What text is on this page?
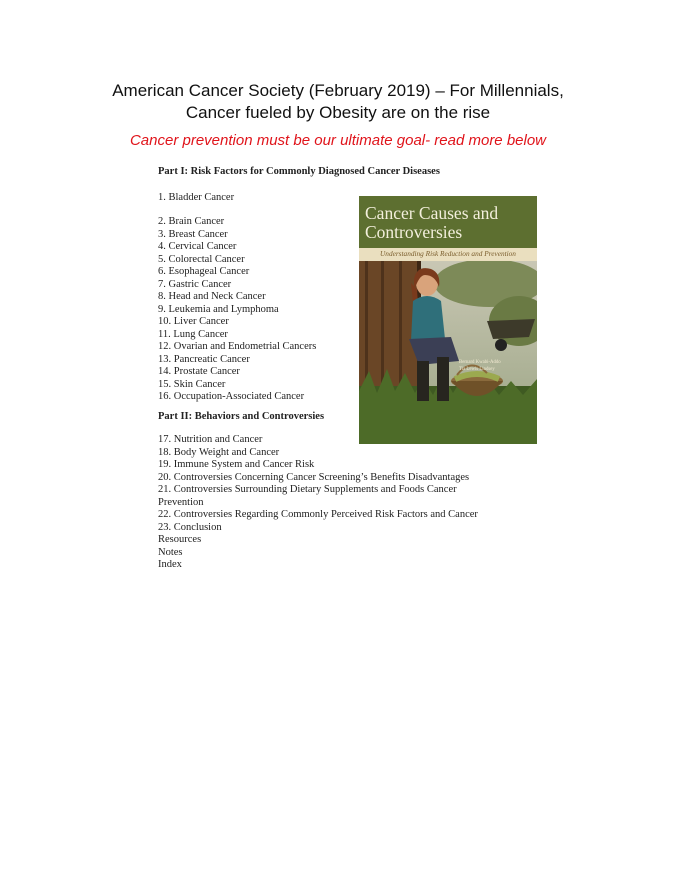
American Cancer Society (February 2019) – For Millennials,
Cancer fueled by Obesity are on the rise
Cancer prevention must be our ultimate goal- read more below
Part I: Risk Factors for Commonly Diagnosed Cancer Diseases
1. Bladder Cancer
2. Brain Cancer
3. Breast Cancer
4. Cervical Cancer
5. Colorectal Cancer
6. Esophageal Cancer
7. Gastric Cancer
8. Head and Neck Cancer
9. Leukemia and Lymphoma
10. Liver Cancer
11. Lung Cancer
12. Ovarian and Endometrial Cancers
13. Pancreatic Cancer
14. Prostate Cancer
15. Skin Cancer
16. Occupation-Associated Cancer
Part II: Behaviors and Controversies
17. Nutrition and Cancer
18. Body Weight and Cancer
19. Immune System and Cancer Risk
20. Controversies Concerning Cancer Screening’s Benefits Disadvantages
21. Controversies Surrounding Dietary Supplements and Foods Cancer
Prevention
22. Controversies Regarding Commonly Perceived Risk Factors and Cancer
23. Conclusion
Resources
Notes
Index
Cancer Causes and
Controversies
Understanding Risk Reduction and Prevention
Bernard Kwabi-Addo
Tia Lewis Lindsey
